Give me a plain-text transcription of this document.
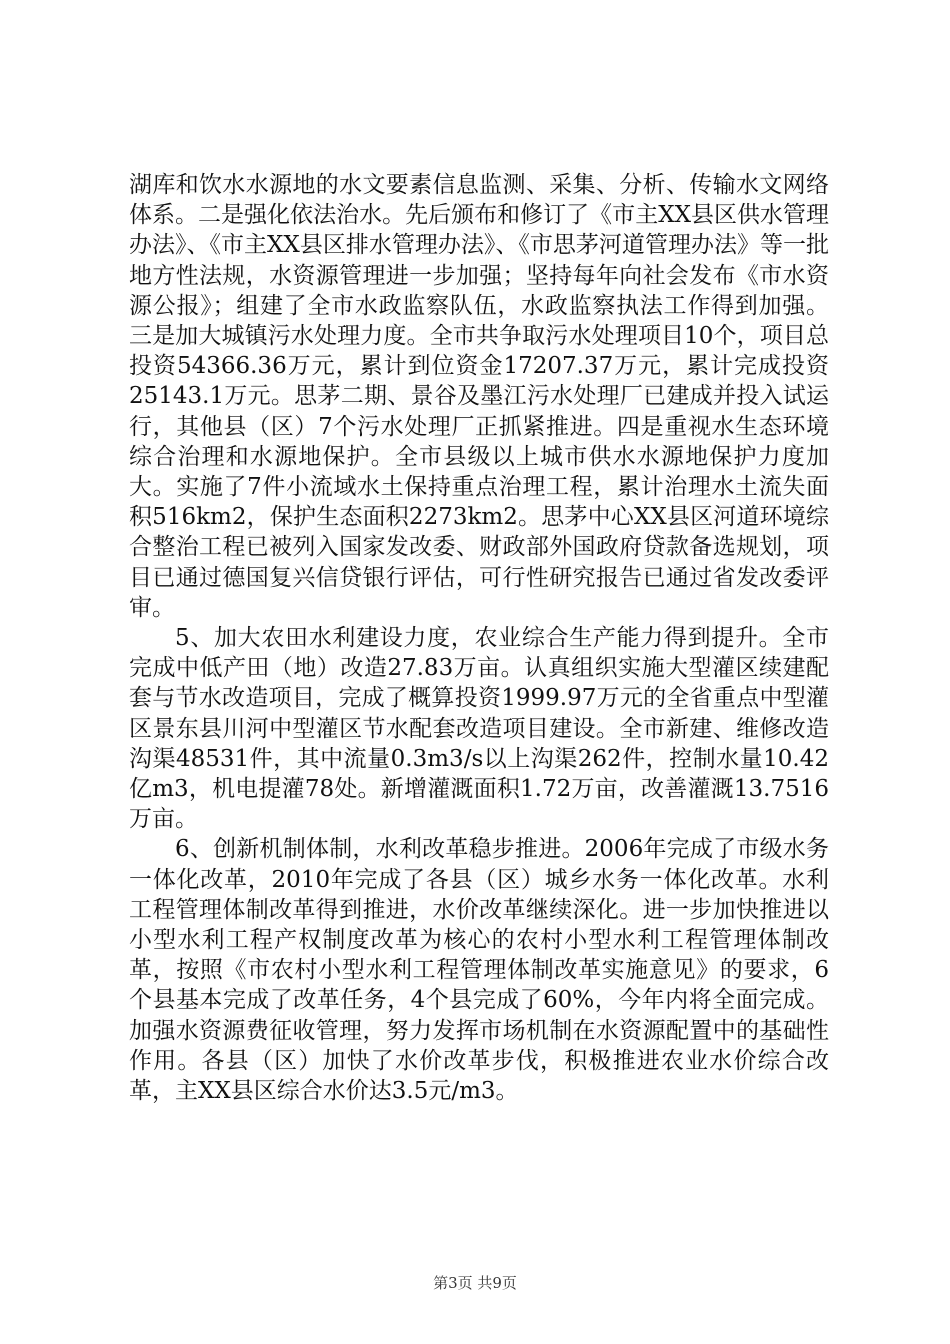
湖库和饮水水源地的水文要素信息监测、采集、分析、传输水文网络体系。二是强化依法治水。先后颁布和修订了《市主XX县区供水管理办法》、《市主XX县区排水管理办法》、《市思茅河道管理办法》等一批地方性法规，水资源管理进一步加强；坚持每年向社会发布《市水资源公报》；组建了全市水政监察队伍，水政监察执法工作得到加强。三是加大城镇污水处理力度。全市共争取污水处理项目10个，项目总投资54366.36万元，累计到位资金17207.37万元，累计完成投资25143.1万元。思茅二期、景谷及墨江污水处理厂已建成并投入试运行，其他县（区）7个污水处理厂正抓紧推进。四是重视水生态环境综合治理和水源地保护。全市县级以上城市供水水源地保护力度加大。实施了7件小流域水土保持重点治理工程，累计治理水土流失面积516km2，保护生态面积2273km2。思茅中心XX县区河道环境综合整治工程已被列入国家发改委、财政部外国政府贷款备选规划，项目已通过德国复兴信贷银行评估，可行性研究报告已通过省发改委评审。

5、加大农田水利建设力度，农业综合生产能力得到提升。全市完成中低产田（地）改造27.83万亩。认真组织实施大型灌区续建配套与节水改造项目，完成了概算投资1999.97万元的全省重点中型灌区景东县川河中型灌区节水配套改造项目建设。全市新建、维修改造沟渠48531件，其中流量0.3m3/s以上沟渠262件，控制水量10.42亿m3，机电提灌78处。新增灌溉面积1.72万亩，改善灌溉13.7516万亩。

6、创新机制体制，水利改革稳步推进。2006年完成了市级水务一体化改革，2010年完成了各县（区）城乡水务一体化改革。水利工程管理体制改革得到推进，水价改革继续深化。进一步加快推进以小型水利工程产权制度改革为核心的农村小型水利工程管理体制改革，按照《市农村小型水利工程管理体制改革实施意见》的要求，6个县基本完成了改革任务，4个县完成了60%，今年内将全面完成。加强水资源费征收管理，努力发挥市场机制在水资源配置中的基础性作用。各县（区）加快了水价改革步伐，积极推进农业水价综合改革，主XX县区综合水价达3.5元/m3。

第3页 共9页
